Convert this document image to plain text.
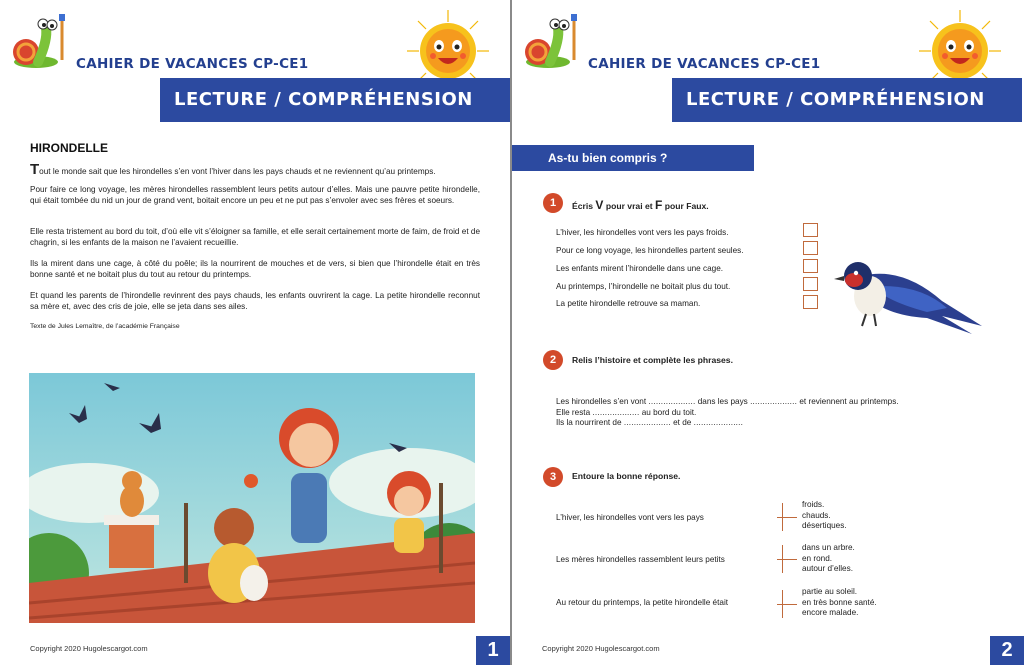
CAHIER DE VACANCES CP-CE1
LECTURE / COMPRÉHENSION
HIRONDELLE
Tout le monde sait que les hirondelles s’en vont l’hiver dans les pays chauds et ne reviennent qu’au printemps.
Pour faire ce long voyage, les mères hirondelles rassemblent leurs petits autour d’elles. Mais une pauvre petite hirondelle, qui était tombée du nid un jour de grand vent, boitait encore un peu et ne put pas s’envoler avec ses frères et soeurs.
Elle resta tristement au bord du toit, d’où elle vit s’éloigner sa famille, et elle serait certainement morte de faim, de froid et de chagrin, si les enfants de la maison ne l’avaient recueillie.
Ils la mirent dans une cage, à côté du poêle; ils la nourrirent de mouches et de vers, si bien que l’hirondelle était en très bonne santé et ne boitait plus du tout au retour du printemps.
Et quand les parents de l’hirondelle revinrent des pays chauds, les enfants ouvrirent la cage. La petite hirondelle reconnut sa mère et, avec des cris de joie, elle se jeta dans ses ailes.
Texte de Jules Lemaître, de l’académie Française
Copyright 2020 Hugolescargot.com	1
CAHIER DE VACANCES CP-CE1
LECTURE / COMPRÉHENSION
As-tu bien compris ?
1	Écris V pour vrai et F pour Faux.
L’hiver, les hirondelles vont vers les pays froids.
Pour ce long voyage, les hirondelles partent seules.
Les enfants mirent l’hirondelle dans une cage.
Au printemps, l’hirondelle ne boitait plus du tout.
La petite hirondelle retrouve sa maman.
2	Relis l’histoire et complète les phrases.
Les hirondelles s’en vont ................... dans les pays ................... et reviennent au printemps.
Elle resta ................... au bord du toit.
Ils la nourrirent de ................... et de ....................
3	Entoure la bonne réponse.
L’hiver, les hirondelles vont vers les pays
froids.
chauds.
désertiques.
Les mères hirondelles rassemblent leurs petits
dans un arbre.
en rond.
autour d’elles.
Au retour du printemps, la petite hirondelle était
partie au soleil.
en très bonne santé.
encore malade.
Copyright 2020 Hugolescargot.com	2
